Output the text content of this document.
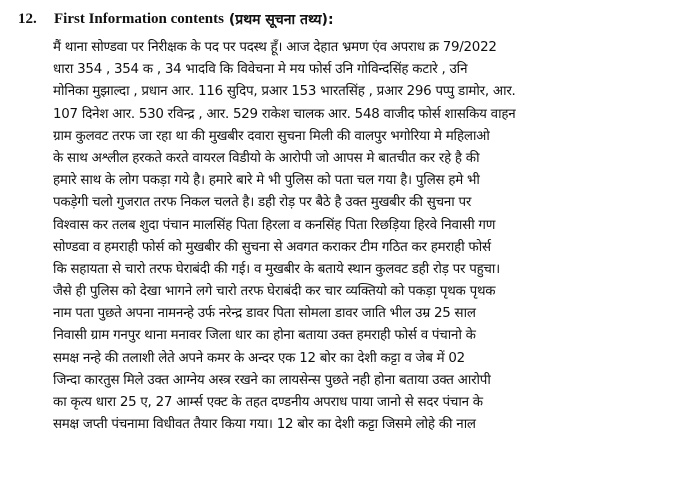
12.	First Information contents (प्रथम सूचना तथ्य):
मैं थाना सोण्डवा पर निरीक्षक के पद पर पदस्थ हूँ। आज देहात भ्रमण एंव अपराध क्र 79/2022
धारा 354 , 354 क , 34 भादवि कि विवेचना मे मय फोर्स उनि गोविन्दसिंह कटारे , उनि
मोनिका मुझाल्दा , प्रधान आर. 116 सुदिप, प्रआर 153 भारतसिंह , प्रआर 296 पप्पु डामोर, आर.
107 दिनेश आर. 530 रविन्द्र , आर. 529 राकेश चालक आर. 548 वाजीद फोर्स शासकिय वाहन
ग्राम कुलवट तरफ जा रहा था की मुखबीर दवारा सुचना मिली की वालपुर भगोरिया मे महिलाओ
के साथ अश्लील हरकते करते वायरल विडीयो के आरोपी जो आपस मे बातचीत कर रहे है की
हमारे साथ के लोग पकड़ा गये है। हमारे बारे मे भी पुलिस को पता चल गया है। पुलिस हमे भी
पकड़ेगी चलो गुजरात तरफ निकल चलते है। डही रोड़ पर बैठे है उक्त मुखबीर की सुचना पर
विश्वास कर तलब शुदा पंचान मालसिंह पिता हिरला व कनसिंह पिता रिछड़िया हिरवे निवासी गण
सोण्डवा व हमराही फोर्स को मुखबीर की सुचना से अवगत कराकर टीम गठित कर हमराही फोर्स
कि सहायता से चारो तरफ घेराबंदी की गई। व मुखबीर के बताये स्थान कुलवट डही रोड़ पर पहुचा।
जैसे ही पुलिस को देखा भागने लगे चारो तरफ घेराबंदी कर चार व्यक्तियो को पकड़ा पृथक पृथक
नाम पता पुछते अपना नामनन्हे उर्फ नरेन्द्र डावर पिता सोमला डावर जाति भील उम्र 25 साल
निवासी ग्राम गनपुर थाना मनावर जिला धार का होना बताया उक्त हमराही फोर्स व पंचानो के
समक्ष नन्हे की तलाशी लेते अपने कमर के अन्दर एक 12 बोर का देशी कट्टा व जेब में 02
जिन्दा कारतुस मिले उक्त आग्नेय अस्त्र रखने का लायसेन्स पुछते नही होना बताया उक्त आरोपी
का कृत्य धारा 25 ए, 27 आर्म्स एक्ट के तहत दण्डनीय अपराध पाया जानो से सदर पंचान के
समक्ष जप्ती पंचनामा विधीवत तैयार किया गया। 12 बोर का देशी कट्टा जिसमे लोहे की नाल
